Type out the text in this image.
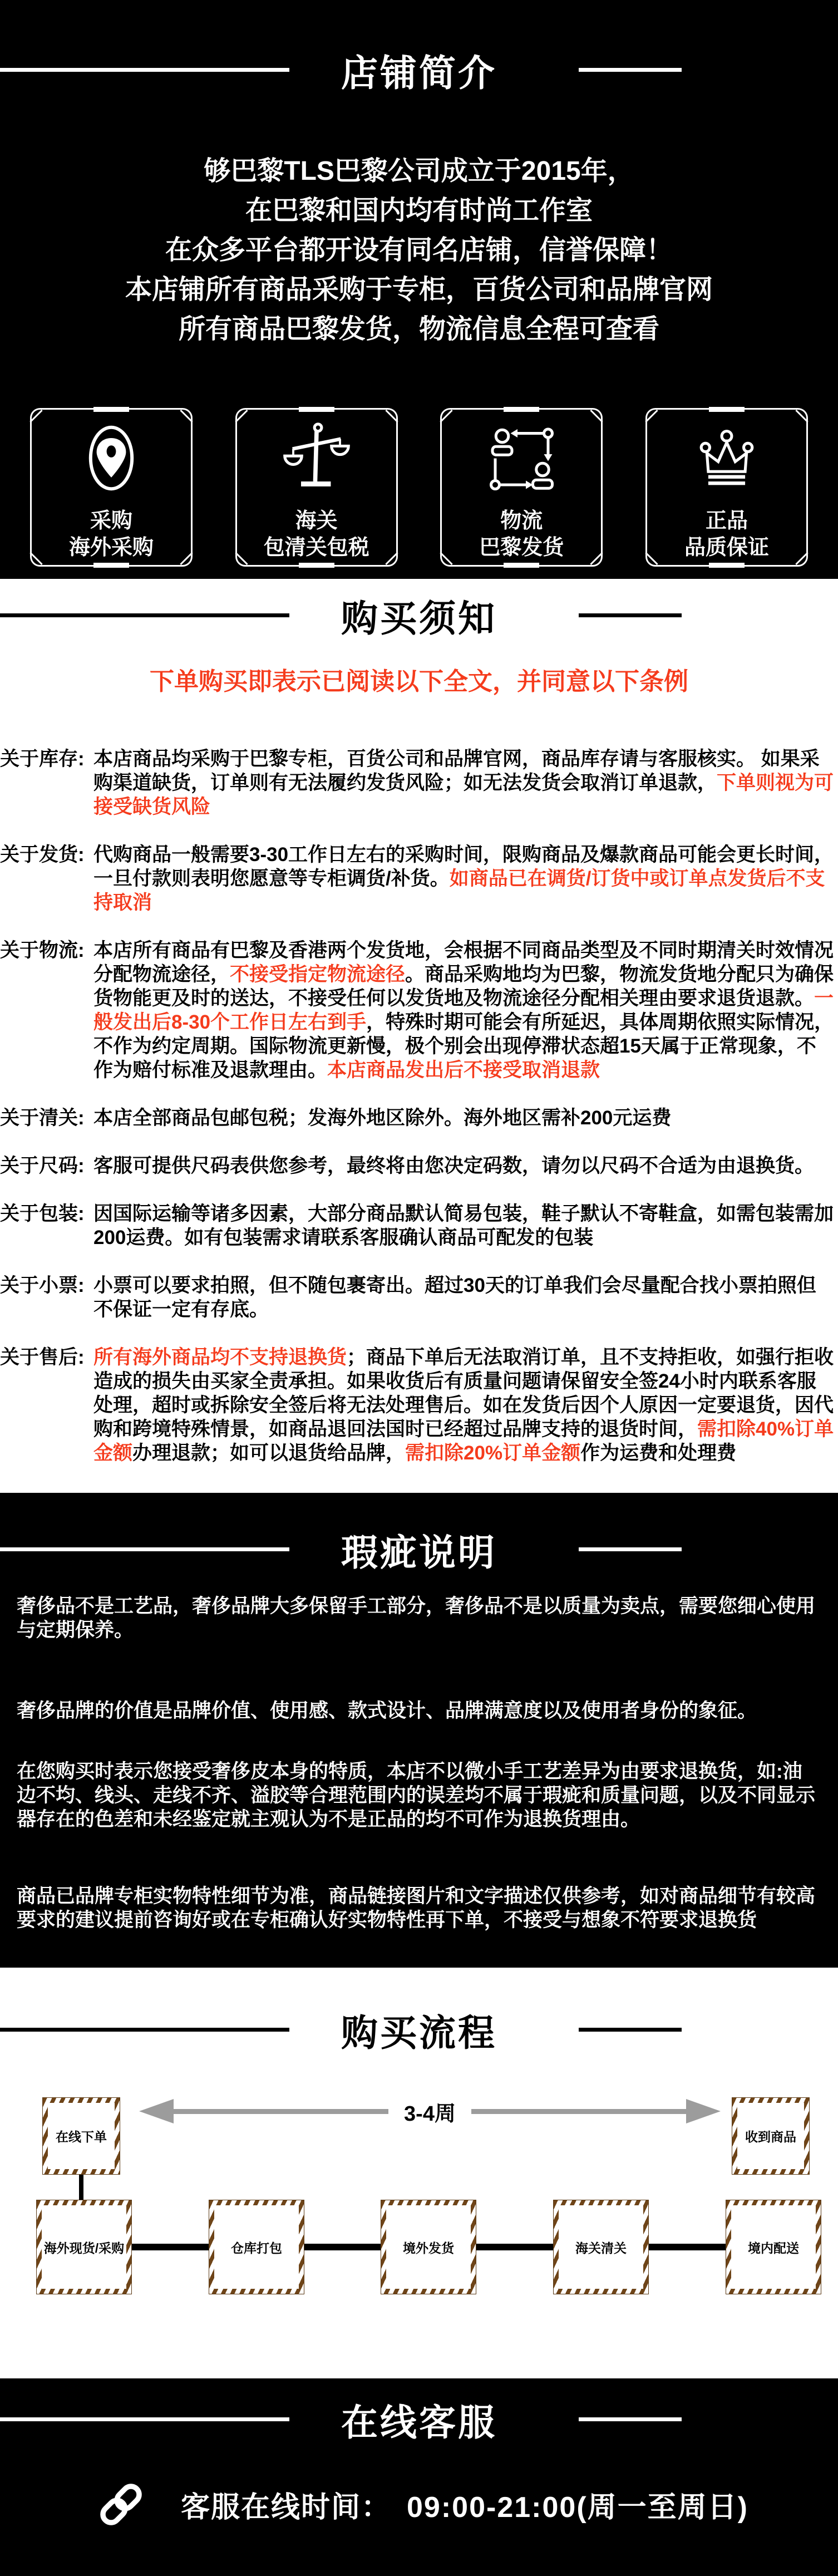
店铺简介
够巴黎TLS巴黎公司成立于2015年，
在巴黎和国内均有时尚工作室
在众多平台都开设有同名店铺，信誉保障！
本店铺所有商品采购于专柜，百货公司和品牌官网
所有商品巴黎发货，物流信息全程可查看
采购
海外采购
海关
包清关包税
物流
巴黎发货
正品
品质保证
购买须知
下单购买即表示已阅读以下全文，并同意以下条例
关于库存: 本店商品均采购于巴黎专柜，百货公司和品牌官网，商品库存请与客服核实。 如果采购渠道缺货，订单则有无法履约发货风险；如无法发货会取消订单退款，下单则视为可接受缺货风险
关于发货: 代购商品一般需要3-30工作日左右的采购时间，限购商品及爆款商品可能会更长时间，一旦付款则表明您愿意等专柜调货/补货。如商品已在调货/订货中或订单点发货后不支持取消
关于物流: 本店所有商品有巴黎及香港两个发货地，会根据不同商品类型及不同时期清关时效情况分配物流途径，不接受指定物流途径。商品采购地均为巴黎，物流发货地分配只为确保货物能更及时的送达，不接受任何以发货地及物流途径分配相关理由要求退货退款。一般发出后8-30个工作日左右到手，特殊时期可能会有所延迟，具体周期依照实际情况，不作为约定周期。国际物流更新慢，极个别会出现停滞状态超15天属于正常现象，不作为赔付标准及退款理由。本店商品发出后不接受取消退款
关于清关: 本店全部商品包邮包税；发海外地区除外。海外地区需补200元运费
关于尺码: 客服可提供尺码表供您参考，最终将由您决定码数，请勿以尺码不合适为由退换货。
关于包装: 因国际运输等诸多因素，大部分商品默认简易包装，鞋子默认不寄鞋盒，如需包装需加200运费。如有包装需求请联系客服确认商品可配发的包装
关于小票: 小票可以要求拍照，但不随包裹寄出。超过30天的订单我们会尽量配合找小票拍照但不保证一定有存底。
关于售后: 所有海外商品均不支持退换货；商品下单后无法取消订单，且不支持拒收，如强行拒收造成的损失由买家全责承担。如果收货后有质量问题请保留安全签24小时内联系客服处理，超时或拆除安全签后将无法处理售后。如在发货后因个人原因一定要退货，因代购和跨境特殊情景，如商品退回法国时已经超过品牌支持的退货时间，需扣除40%订单金额办理退款；如可以退货给品牌，需扣除20%订单金额作为运费和处理费
瑕疵说明

奢侈品不是工艺品，奢侈品牌大多保留手工部分，奢侈品不是以质量为卖点，需要您细心使用与定期保养。

奢侈品牌的价值是品牌价值、使用感、款式设计、品牌满意度以及使用者身份的象征。

在您购买时表示您接受奢侈皮本身的特质，本店不以微小手工艺差异为由要求退换货，如:油边不均、线头、走线不齐、溢胶等合理范围内的误差均不属于瑕疵和质量问题，以及不同显示器存在的色差和未经鉴定就主观认为不是正品的均不可作为退换货理由。

商品已品牌专柜实物特性细节为准，商品链接图片和文字描述仅供参考，如对商品细节有较高要求的建议提前咨询好或在专柜确认好实物特性再下单，不接受与想象不符要求退换货

购买流程
3-4周
在线下单	收到商品
海外现货/采购	仓库打包	境外发货	海关清关	境内配送
在线客服
客服在线时间： 09:00-21:00(周一至周日)
